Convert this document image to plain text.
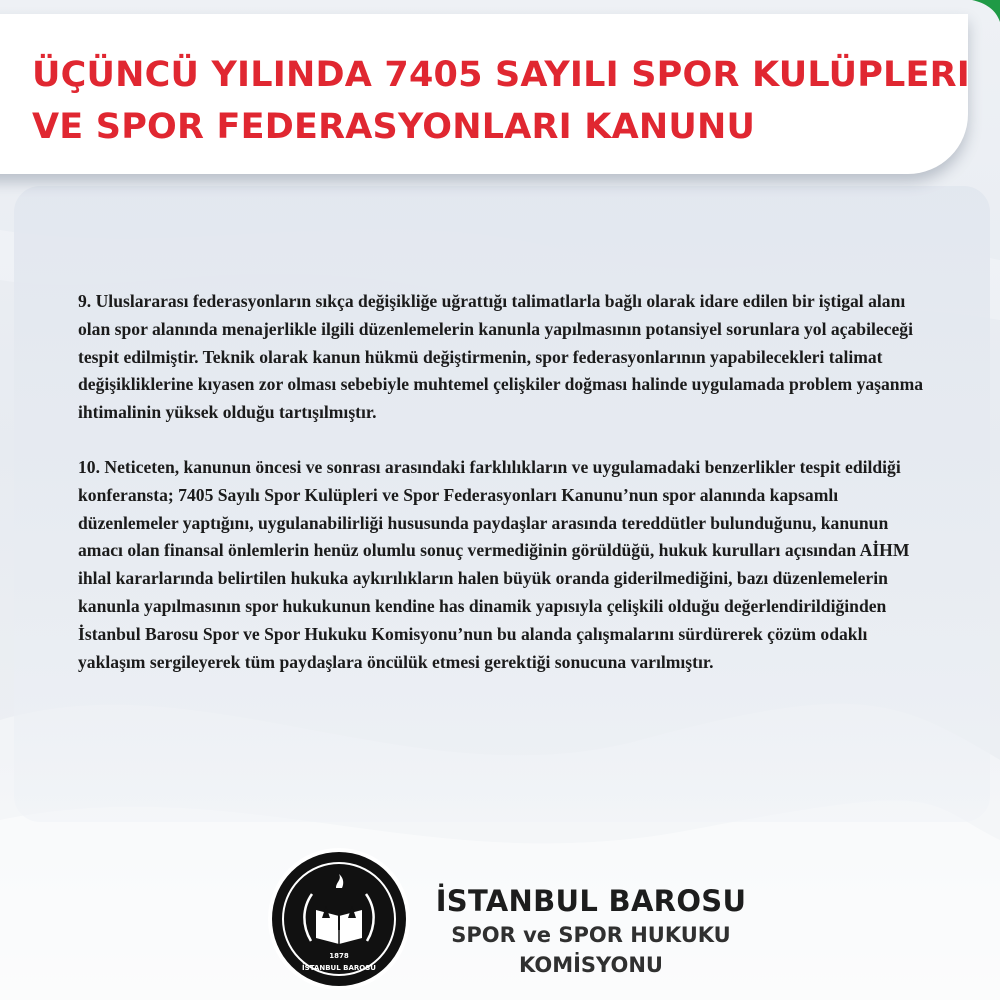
ÜÇÜNCÜ YILINDA 7405 SAYILI SPOR KULÜPLERI
VE SPOR FEDERASYONLARI KANUNU

9. Uluslararası federasyonların sıkça değişikliğe uğrattığı talimatlarla bağlı olarak idare edilen bir iştigal alanı olan spor alanında menajerlikle ilgili düzenlemelerin kanunla yapılmasının potansiyel sorunlara yol açabileceği tespit edilmiştir. Teknik olarak kanun hükmü değiştirmenin, spor federasyonlarının yapabilecekleri talimat değişikliklerine kıyasen zor olması sebebiyle muhtemel çelişkiler doğması halinde uygulamada problem yaşanma ihtimalinin yüksek olduğu tartışılmıştır.

10. Neticeten, kanunun öncesi ve sonrası arasındaki farklılıkların ve uygulamadaki benzerlikler tespit edildiği konferansta; 7405 Sayılı Spor Kulüpleri ve Spor Federasyonları Kanunu’nun spor alanında kapsamlı düzenlemeler yaptığını, uygulanabilirliği hususunda paydaşlar arasında tereddütler bulunduğunu, kanunun amacı olan finansal önlemlerin henüz olumlu sonuç vermediğinin görüldüğü, hukuk kurulları açısından AİHM ihlal kararlarında belirtilen hukuka aykırılıkların halen büyük oranda giderilmediğini, bazı düzenlemelerin kanunla yapılmasının spor hukukunun kendine has dinamik yapısıyla çelişkili olduğu değerlendirildiğinden İstanbul Barosu Spor ve Spor Hukuku Komisyonu’nun bu alanda çalışmalarını sürdürerek çözüm odaklı yaklaşım sergileyerek tüm paydaşlara öncülük etmesi gerektiği sonucuna varılmıştır.

1878
İSTANBUL BAROSU
İSTANBUL BAROSU
SPOR ve SPOR HUKUKU
KOMİSYONU
